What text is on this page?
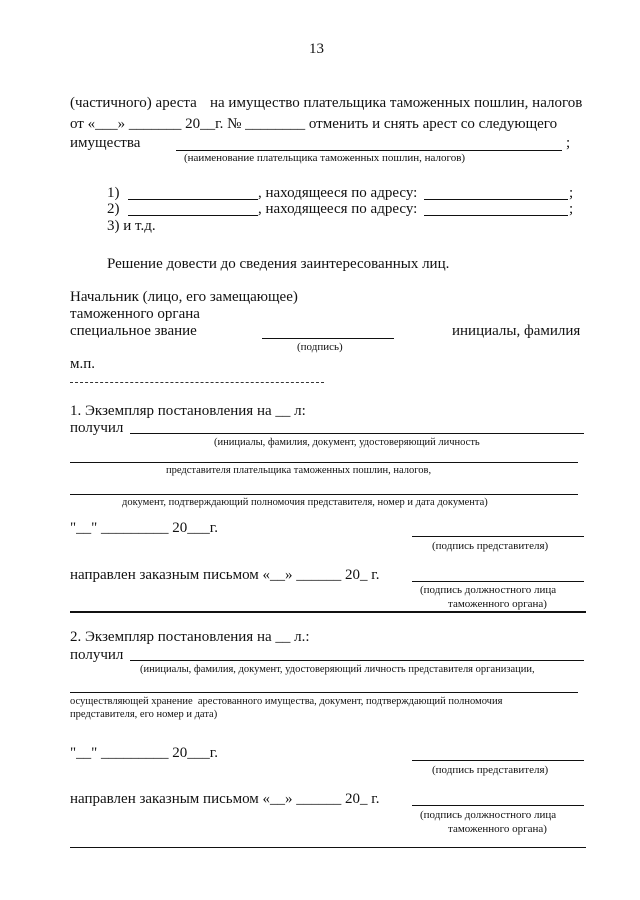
13
(частичного) ареста на имущество плательщика таможенных пошлин, налогов
от «___» _______ 20__г. № ________ отменить и снять арест со следующего
имущества	;
(наименование плательщика таможенных пошлин, налогов)
1)	, находящееся по адресу:	;
2)	, находящееся по адресу:	;
3) и т.д.
Решение довести до сведения заинтересованных лиц.
Начальник (лицо, его замещающее)
таможенного органа
специальное звание
(подпись)
инициалы, фамилия
м.п.
1. Экземпляр постановления на __ л:
получил
(инициалы, фамилия, документ, удостоверяющий личность
представителя плательщика таможенных пошлин, налогов,
документ, подтверждающий полномочия представителя, номер и дата документа)
"__" _________ 20___г.
(подпись представителя)
направлен заказным письмом «__» ______ 20_ г.
(подпись должностного лица
таможенного органа)
2. Экземпляр постановления на __ л.:
получил
(инициалы, фамилия, документ, удостоверяющий личность представителя организации,
осуществляющей хранение  арестованного имущества, документ, подтверждающий полномочия
представителя, его номер и дата)
"__" _________ 20___г.
(подпись представителя)
направлен заказным письмом «__» ______ 20_ г.
(подпись должностного лица
таможенного органа)
